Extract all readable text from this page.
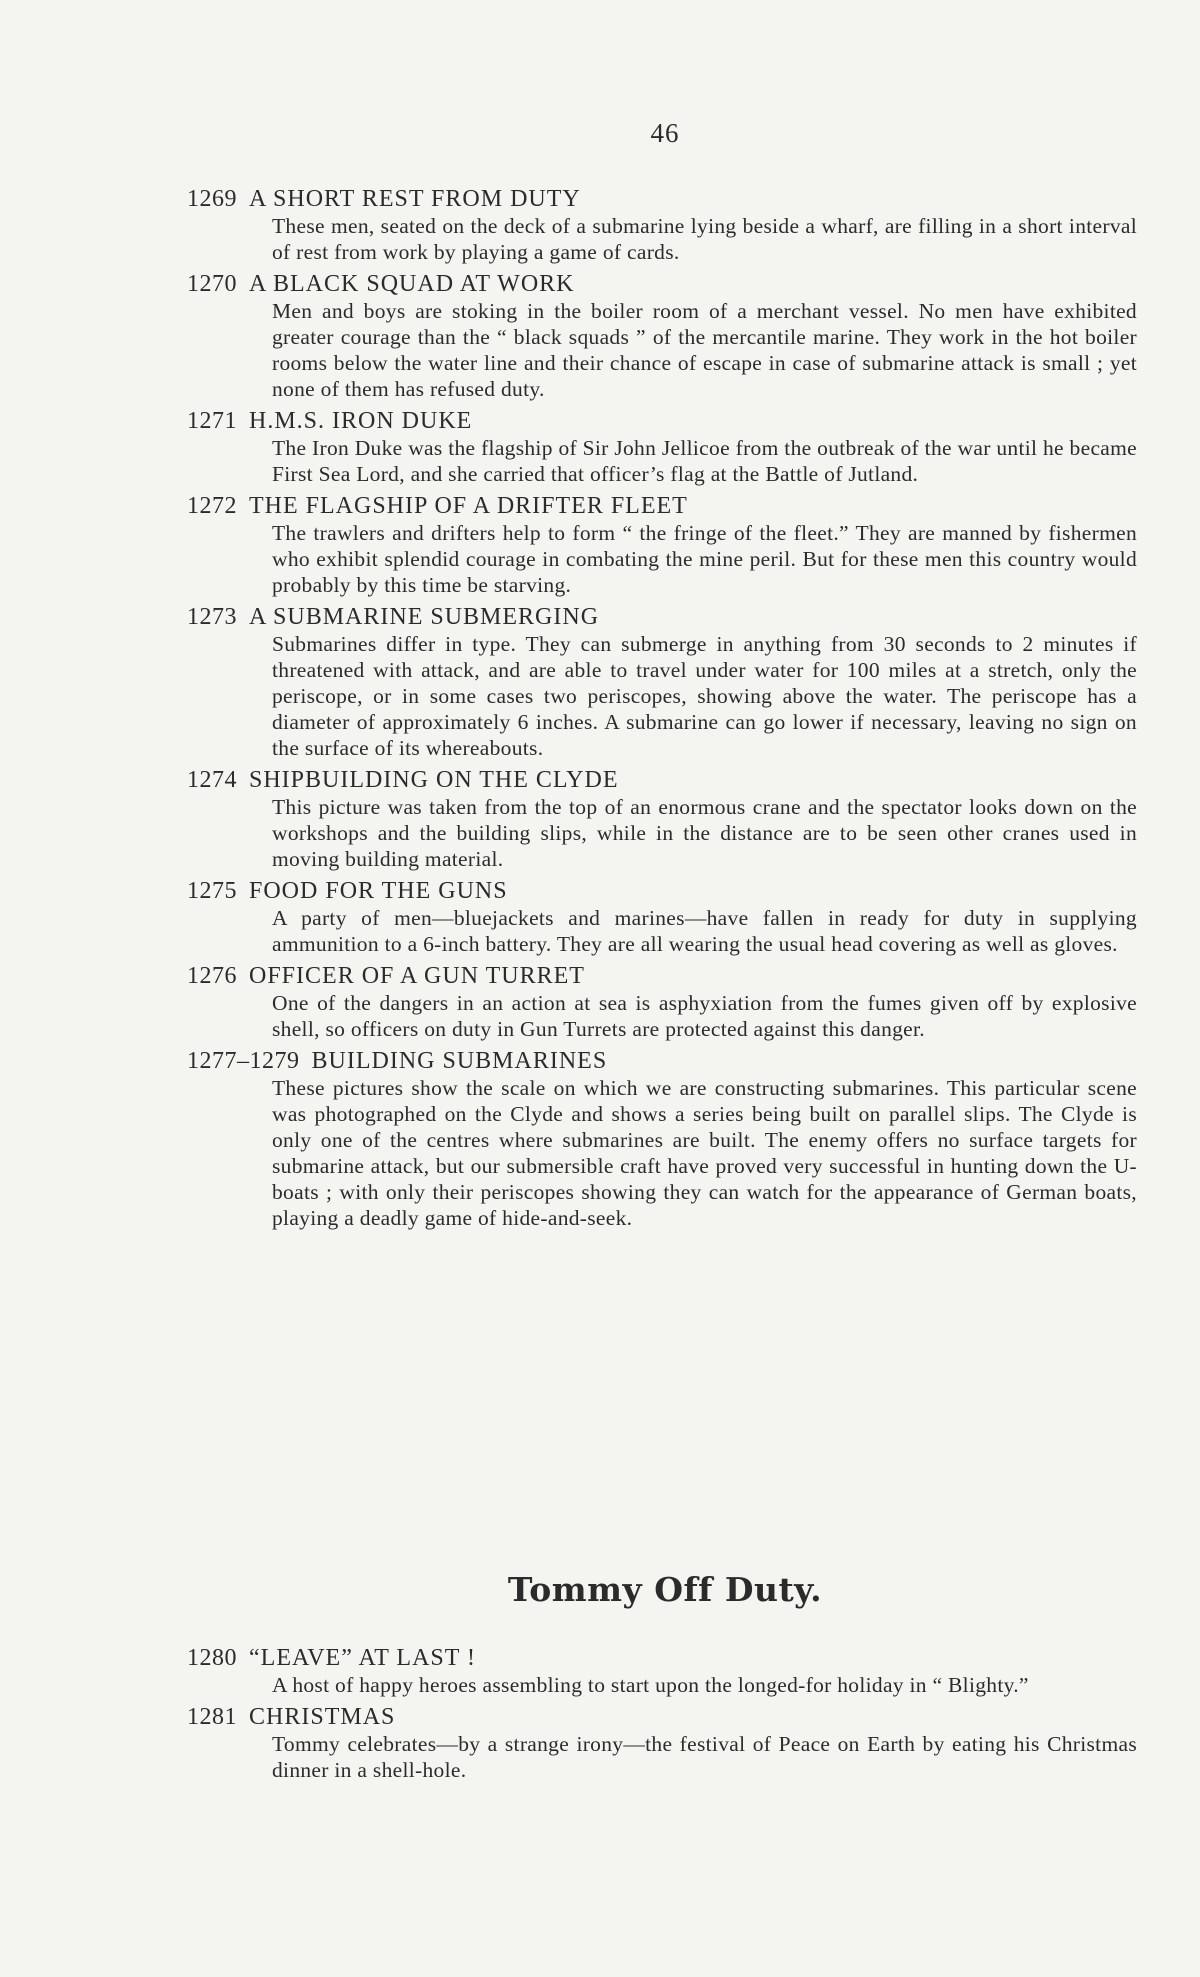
46
1269 A SHORT REST FROM DUTY
These men, seated on the deck of a submarine lying beside a wharf, are filling in a short interval of rest from work by playing a game of cards.
1270 A BLACK SQUAD AT WORK
Men and boys are stoking in the boiler room of a merchant vessel. No men have exhibited greater courage than the “ black squads ” of the mercantile marine. They work in the hot boiler rooms below the water line and their chance of escape in case of submarine attack is small ; yet none of them has refused duty.
1271 H.M.S. IRON DUKE
The Iron Duke was the flagship of Sir John Jellicoe from the outbreak of the war until he became First Sea Lord, and she carried that officer’s flag at the Battle of Jutland.
1272 THE FLAGSHIP OF A DRIFTER FLEET
The trawlers and drifters help to form “ the fringe of the fleet.” They are manned by fishermen who exhibit splendid courage in combating the mine peril. But for these men this country would probably by this time be starving.
1273 A SUBMARINE SUBMERGING
Submarines differ in type. They can submerge in anything from 30 seconds to 2 minutes if threatened with attack, and are able to travel under water for 100 miles at a stretch, only the periscope, or in some cases two periscopes, showing above the water. The periscope has a diameter of approximately 6 inches. A submarine can go lower if necessary, leaving no sign on the surface of its whereabouts.
1274 SHIPBUILDING ON THE CLYDE
This picture was taken from the top of an enormous crane and the spectator looks down on the workshops and the building slips, while in the distance are to be seen other cranes used in moving building material.
1275 FOOD FOR THE GUNS
A party of men—bluejackets and marines—have fallen in ready for duty in supplying ammunition to a 6-inch battery. They are all wearing the usual head covering as well as gloves.
1276 OFFICER OF A GUN TURRET
One of the dangers in an action at sea is asphyxiation from the fumes given off by explosive shell, so officers on duty in Gun Turrets are protected against this danger.
1277–1279 BUILDING SUBMARINES
These pictures show the scale on which we are constructing submarines. This particular scene was photographed on the Clyde and shows a series being built on parallel slips. The Clyde is only one of the centres where submarines are built. The enemy offers no surface targets for submarine attack, but our submersible craft have proved very successful in hunting down the U-boats ; with only their periscopes showing they can watch for the appearance of German boats, playing a deadly game of hide-and-seek.
Tommy Off Duty.
1280 “LEAVE” AT LAST !
A host of happy heroes assembling to start upon the longed-for holiday in “ Blighty.”
1281 CHRISTMAS
Tommy celebrates—by a strange irony—the festival of Peace on Earth by eating his Christmas dinner in a shell-hole.
